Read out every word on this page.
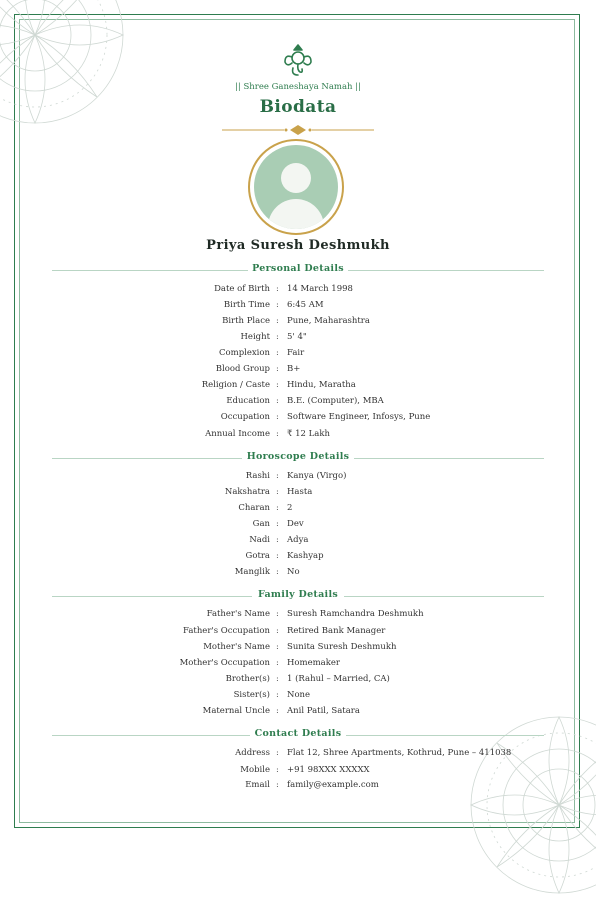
|| Shree Ganeshaya Namah ||
Biodata
Priya Suresh Deshmukh
Personal Details
Date of Birth : 14 March 1998
Birth Time : 6:45 AM
Birth Place : Pune, Maharashtra
Height : 5' 4"
Complexion : Fair
Blood Group : B+
Religion / Caste : Hindu, Maratha
Education : B.E. (Computer), MBA
Occupation : Software Engineer, Infosys, Pune
Annual Income : ₹ 12 Lakh
Horoscope Details
Rashi : Kanya (Virgo)
Nakshatra : Hasta
Charan : 2
Gan : Dev
Nadi : Adya
Gotra : Kashyap
Manglik : No
Family Details
Father's Name : Suresh Ramchandra Deshmukh
Father's Occupation : Retired Bank Manager
Mother's Name : Sunita Suresh Deshmukh
Mother's Occupation : Homemaker
Brother(s) : 1 (Rahul – Married, CA)
Sister(s) : None
Maternal Uncle : Anil Patil, Satara
Contact Details
Address : Flat 12, Shree Apartments, Kothrud, Pune – 411038
Mobile : +91 98XXX XXXXX
Email : family@example.com
